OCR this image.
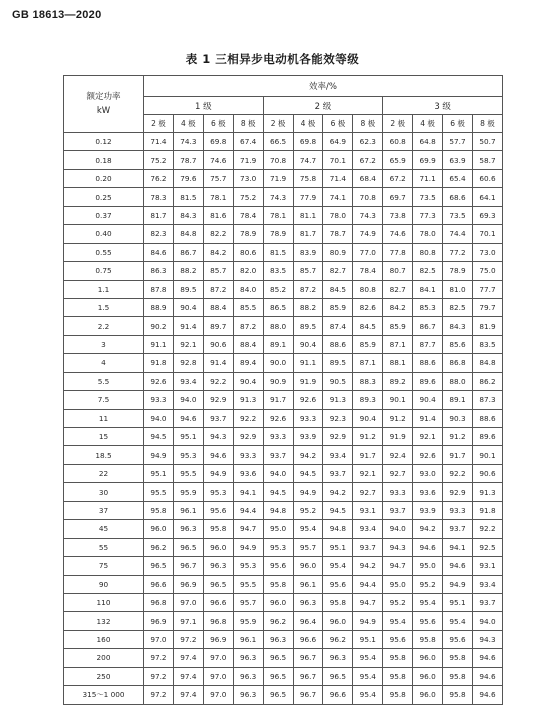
GB 18613—2020
表 1 三相异步电动机各能效等级
额定功率
kW	效率/%											
	1 级				2 级				3 级			
	2 极	4 极	6 极	8 极	2 极	4 极	6 极	8 极	2 极	4 极	6 极	8 极
0.12	71.4	74.3	69.8	67.4	66.5	69.8	64.9	62.3	60.8	64.8	57.7	50.7
0.18	75.2	78.7	74.6	71.9	70.8	74.7	70.1	67.2	65.9	69.9	63.9	58.7
0.20	76.2	79.6	75.7	73.0	71.9	75.8	71.4	68.4	67.2	71.1	65.4	60.6
0.25	78.3	81.5	78.1	75.2	74.3	77.9	74.1	70.8	69.7	73.5	68.6	64.1
0.37	81.7	84.3	81.6	78.4	78.1	81.1	78.0	74.3	73.8	77.3	73.5	69.3
0.40	82.3	84.8	82.2	78.9	78.9	81.7	78.7	74.9	74.6	78.0	74.4	70.1
0.55	84.6	86.7	84.2	80.6	81.5	83.9	80.9	77.0	77.8	80.8	77.2	73.0
0.75	86.3	88.2	85.7	82.0	83.5	85.7	82.7	78.4	80.7	82.5	78.9	75.0
1.1	87.8	89.5	87.2	84.0	85.2	87.2	84.5	80.8	82.7	84.1	81.0	77.7
1.5	88.9	90.4	88.4	85.5	86.5	88.2	85.9	82.6	84.2	85.3	82.5	79.7
2.2	90.2	91.4	89.7	87.2	88.0	89.5	87.4	84.5	85.9	86.7	84.3	81.9
3	91.1	92.1	90.6	88.4	89.1	90.4	88.6	85.9	87.1	87.7	85.6	83.5
4	91.8	92.8	91.4	89.4	90.0	91.1	89.5	87.1	88.1	88.6	86.8	84.8
5.5	92.6	93.4	92.2	90.4	90.9	91.9	90.5	88.3	89.2	89.6	88.0	86.2
7.5	93.3	94.0	92.9	91.3	91.7	92.6	91.3	89.3	90.1	90.4	89.1	87.3
11	94.0	94.6	93.7	92.2	92.6	93.3	92.3	90.4	91.2	91.4	90.3	88.6
15	94.5	95.1	94.3	92.9	93.3	93.9	92.9	91.2	91.9	92.1	91.2	89.6
18.5	94.9	95.3	94.6	93.3	93.7	94.2	93.4	91.7	92.4	92.6	91.7	90.1
22	95.1	95.5	94.9	93.6	94.0	94.5	93.7	92.1	92.7	93.0	92.2	90.6
30	95.5	95.9	95.3	94.1	94.5	94.9	94.2	92.7	93.3	93.6	92.9	91.3
37	95.8	96.1	95.6	94.4	94.8	95.2	94.5	93.1	93.7	93.9	93.3	91.8
45	96.0	96.3	95.8	94.7	95.0	95.4	94.8	93.4	94.0	94.2	93.7	92.2
55	96.2	96.5	96.0	94.9	95.3	95.7	95.1	93.7	94.3	94.6	94.1	92.5
75	96.5	96.7	96.3	95.3	95.6	96.0	95.4	94.2	94.7	95.0	94.6	93.1
90	96.6	96.9	96.5	95.5	95.8	96.1	95.6	94.4	95.0	95.2	94.9	93.4
110	96.8	97.0	96.6	95.7	96.0	96.3	95.8	94.7	95.2	95.4	95.1	93.7
132	96.9	97.1	96.8	95.9	96.2	96.4	96.0	94.9	95.4	95.6	95.4	94.0
160	97.0	97.2	96.9	96.1	96.3	96.6	96.2	95.1	95.6	95.8	95.6	94.3
200	97.2	97.4	97.0	96.3	96.5	96.7	96.3	95.4	95.8	96.0	95.8	94.6
250	97.2	97.4	97.0	96.3	96.5	96.7	96.5	95.4	95.8	96.0	95.8	94.6
315～1 000	97.2	97.4	97.0	96.3	96.5	96.7	96.6	95.4	95.8	96.0	95.8	94.6
